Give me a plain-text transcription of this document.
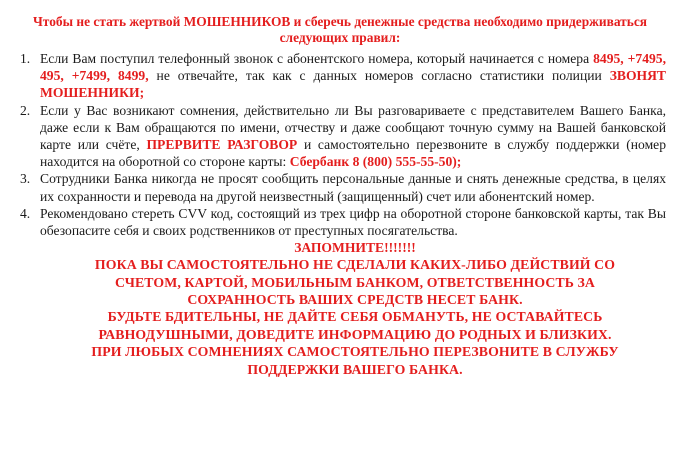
Чтобы не стать жертвой МОШЕННИКОВ и сберечь денежные средства необходимо придерживаться следующих правил:

1. Если Вам поступил телефонный звонок с абонентского номера, который начинается с номера 8495, +7495, 495, +7499, 8499, не отвечайте, так как с данных номеров согласно статистики полиции ЗВОНЯТ МОШЕННИКИ;
2. Если у Вас возникают сомнения, действительно ли Вы разговариваете с представителем Вашего Банка, даже если к Вам обращаются по имени, отчеству и даже сообщают точную сумму на Вашей банковской карте или счёте, ПРЕРВИТЕ РАЗГОВОР и самостоятельно перезвоните в службу поддержки (номер находится на оборотной со стороне карты: Сбербанк 8 (800) 555-55-50);
3. Сотрудники Банка никогда не просят сообщить персональные данные и снять денежные средства, в целях их сохранности и перевода на другой неизвестный (защищенный) счет или абонентский номер.
4. Рекомендовано стереть CVV код, состоящий из трех цифр на оборотной стороне банковской карты, так Вы обезопасите себя и своих родственников от преступных посягательства.

ЗАПОМНИТЕ!!!!!!!

ПОКА ВЫ САМОСТОЯТЕЛЬНО НЕ СДЕЛАЛИ КАКИХ-ЛИБО ДЕЙСТВИЙ СО

СЧЕТОМ, КАРТОЙ, МОБИЛЬНЫМ БАНКОМ, ОТВЕТСТВЕННОСТЬ ЗА

СОХРАННОСТЬ ВАШИХ СРЕДСТВ НЕСЕТ БАНК.

БУДЬТЕ БДИТЕЛЬНЫ, НЕ ДАЙТЕ СЕБЯ ОБМАНУТЬ, НЕ ОСТАВАЙТЕСЬ

РАВНОДУШНЫМИ, ДОВЕДИТЕ ИНФОРМАЦИЮ ДО РОДНЫХ И БЛИЗКИХ.

ПРИ ЛЮБЫХ СОМНЕНИЯХ САМОСТОЯТЕЛЬНО ПЕРЕЗВОНИТЕ В СЛУЖБУ

ПОДДЕРЖКИ ВАШЕГО БАНКА.
